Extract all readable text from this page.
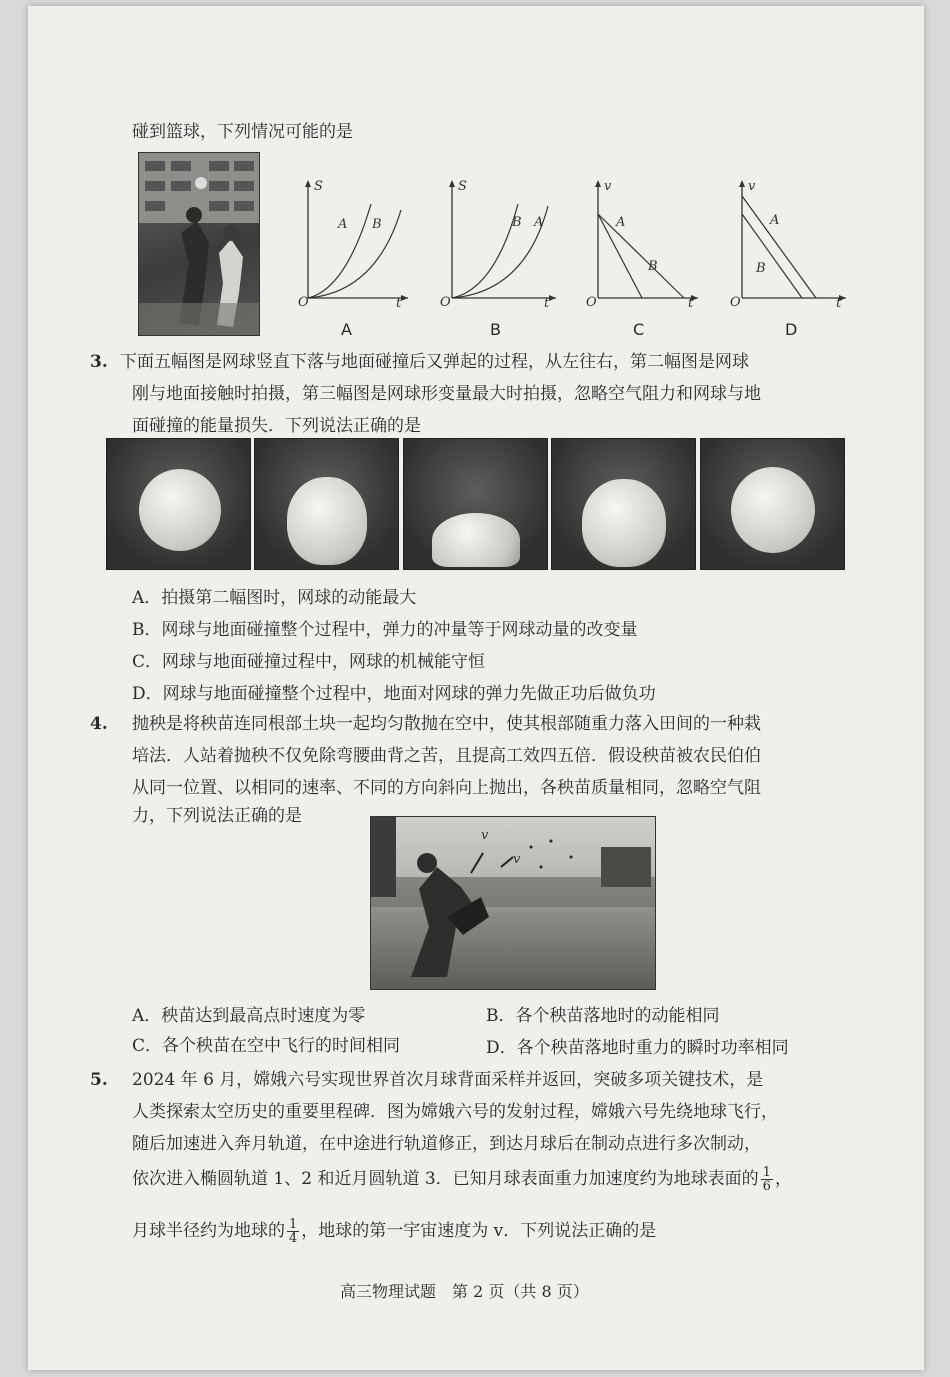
碰到篮球，下列情况可能的是
S
O	t
A B
A
S
O	t
B A
B
v
O	t
A
B
C
v
O	t
A
B
D
3. 下面五幅图是网球竖直下落与地面碰撞后又弹起的过程，从左往右，第二幅图是网球
刚与地面接触时拍摄，第三幅图是网球形变量最大时拍摄，忽略空气阻力和网球与地
面碰撞的能量损失．下列说法正确的是
A．拍摄第二幅图时，网球的动能最大
B．网球与地面碰撞整个过程中，弹力的冲量等于网球动量的改变量
C．网球与地面碰撞过程中，网球的机械能守恒
D．网球与地面碰撞整个过程中，地面对网球的弹力先做正功后做负功
4. 抛秧是将秧苗连同根部土块一起均匀散抛在空中，使其根部随重力落入田间的一种栽
培法．人站着抛秧不仅免除弯腰曲背之苦，且提高工效四五倍．假设秧苗被农民伯伯
从同一位置、以相同的速率、不同的方向斜向上抛出，各秧苗质量相同，忽略空气阻
力，下列说法正确的是
v
v
A．秧苗达到最高点时速度为零	B．各个秧苗落地时的动能相同
C．各个秧苗在空中飞行的时间相同	D．各个秧苗落地时重力的瞬时功率相同
5. 2024 年 6 月，嫦娥六号实现世界首次月球背面采样并返回，突破多项关键技术，是
人类探索太空历史的重要里程碑．图为嫦娥六号的发射过程，嫦娥六号先绕地球飞行，
随后加速进入奔月轨道，在中途进行轨道修正，到达月球后在制动点进行多次制动，
依次进入椭圆轨道 1、2 和近月圆轨道 3．已知月球表面重力加速度约为地球表面的 $\frac{1}{6}$ ，
月球半径约为地球的 $\frac{1}{4}$ ，地球的第一宇宙速度为 v．下列说法正确的是
高三物理试题　第 2 页（共 8 页）
